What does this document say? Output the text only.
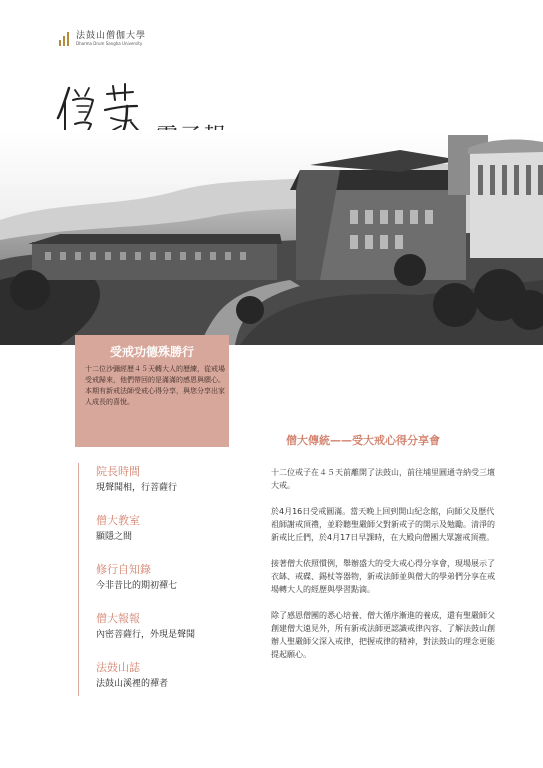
法鼓山僧伽大學
Dharma Drum Sangha University
受戒功德殊勝行
十二位沙彌經歷４５天轉大人的歷練，從戒場受戒歸來，他們帶回的是滿滿的感恩與願心。本期有新戒法師受戒心得分享，與您分享出家人成長的喜悅。
院長時間
現聲聞相，行菩薩行
僧大教室
顯隱之間
修行自知錄
今非昔比的期初禪七
僧大報報
內密菩薩行，外現是聲聞
法鼓山誌
法鼓山溪裡的禪者
僧大傳統——受大戒心得分享會

十二位戒子在４５天前離開了法鼓山，前往埔里圓通寺納受三壇大戒。

於4月16日受戒圓滿。當天晚上回到開山紀念館，向師父及歷代祖師謝戒頂禮，並聆聽聖嚴師父對新戒子的開示及勉勵。清淨的新戒比丘們，於4月17日早課時，在大殿向僧團大眾謝戒頂禮。

接著僧大依照慣例，舉辦盛大的受大戒心得分享會，現場展示了衣缽、戒碟、錫杖等器物，新戒法師並與僧大的學弟們分享在戒場轉大人的經歷與學習點滴。

除了感恩僧團的悉心培養、僧大循序漸進的養成，還有聖嚴師父創建僧大遠見外，所有新戒法師更認識戒律內容、了解法鼓山創辦人聖嚴師父深入戒律，把握戒律的精神，對法鼓山的理念更能提起願心。
